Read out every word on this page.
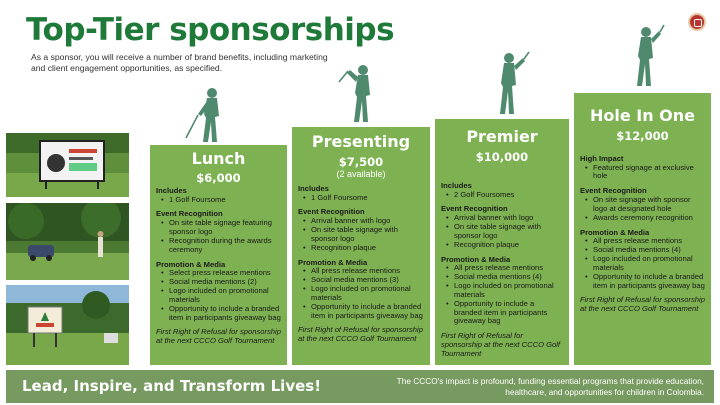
Top-Tier sponsorships
As a sponsor, you will receive a number of brand benefits, including marketing and client engagement opportunities, as specified.
Lunch
$6,000
Includes
• 1 Golf Foursome
Event Recognition
• On site table signage featuring sponsor logo
• Recognition during the awards ceremony
Promotion & Media
• Select press release mentions
• Social media mentions (2)
• Logo included on promotional materials
• Opportunity to include a branded item in participants giveaway bag
First Right of Refusal for sponsorship at the next CCCO Golf Tournament
Presenting
$7,500
(2 available)
Includes
• 1 Golf Foursome
Event Recognition
• Arrival banner with logo
• On site table signage with sponsor logo
• Recognition plaque
Promotion & Media
• All press release mentions
• Social media mentions (3)
• Logo included on promotional materials
• Opportunity to include a branded item in participants giveaway bag
First Right of Refusal for sponsorship at the next CCCO Golf Tournament
Premier
$10,000
Includes
• 2 Golf Foursomes
Event Recognition
• Arrival banner with logo
• On site table signage with sponsor logo
• Recognition plaque
Promotion & Media
• All press release mentions
• Social media mentions (4)
• Logo included on promotional materials
• Opportunity to include a branded item in participants giveaway bag
First Right of Refusal for sponsorship at the next CCCO Golf Tournament
Hole In One
$12,000
High Impact
• Featured signage at exclusive hole
Event Recognition
• On site signage with sponsor logo at designated hole
• Awards ceremony recognition
Promotion & Media
• All press release mentions
• Social media mentions (4)
• Logo included on promotional materials
• Opportunity to include a branded item in participants giveaway bag
First Right of Refusal for sponsorship at the next CCCO Golf Tournament
Lead, Inspire, and Transform Lives!	The CCCO's impact is profound, funding essential programs that provide education, healthcare, and opportunities for children in Colombia.
